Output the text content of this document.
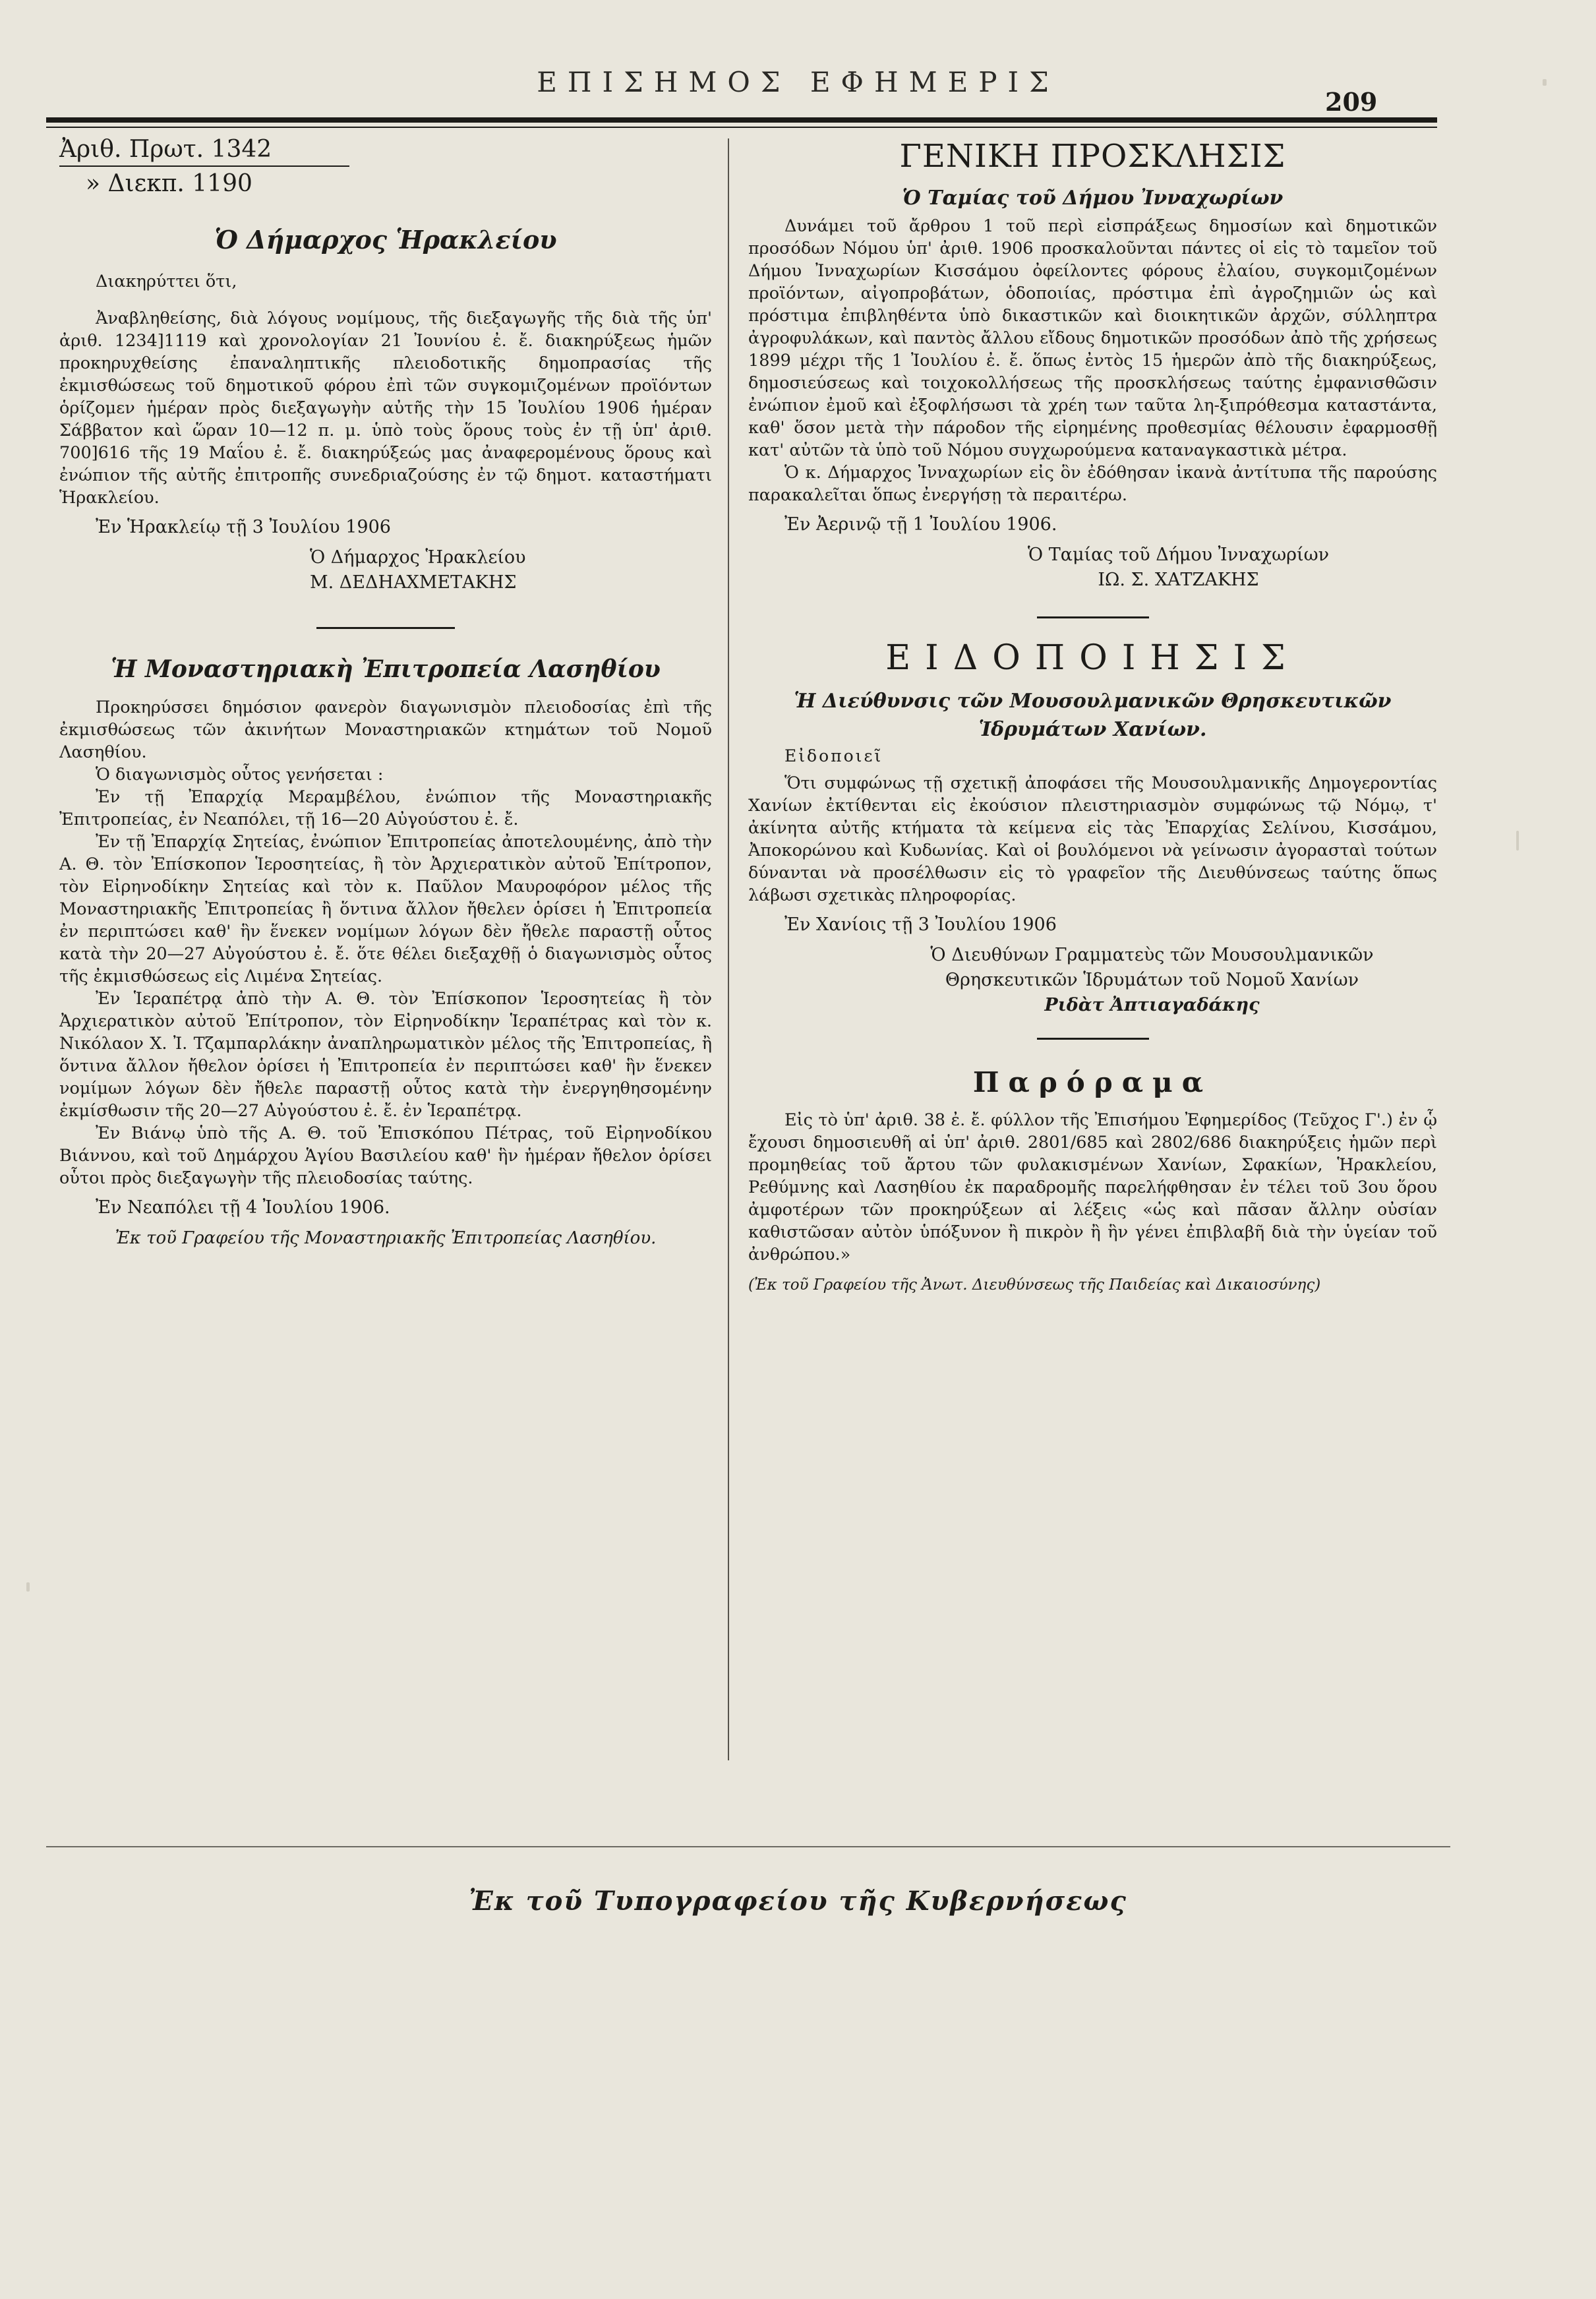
ΕΠΙΣΗΜΟΣ ΕΦΗΜΕΡΙΣ
209

Ἀριθ. Πρωτ. 1342

» Διεκπ. 1190

Ὁ Δήμαρχος Ἡρακλείου

Διακηρύττει ὅτι,

Ἀναβληθείσης, διὰ λόγους νομίμους, τῆς διεξαγωγῆς τῆς διὰ τῆς ὑπ' ἀριθ. 1234]1119 καὶ χρονολογίαν 21 Ἰουνίου ἐ. ἔ. διακηρύξεως ἡμῶν προκηρυχθείσης ἐπαναληπτικῆς πλειοδοτικῆς δημοπρασίας τῆς ἐκμισθώσεως τοῦ δημοτικοῦ φόρου ἐπὶ τῶν συγκομιζομένων προϊόντων ὁρίζομεν ἡμέραν πρὸς διεξαγωγὴν αὐτῆς τὴν 15 Ἰουλίου 1906 ἡμέραν Σάββατον καὶ ὥραν 10—12 π. μ. ὑπὸ τοὺς ὅρους τοὺς ἐν τῇ ὑπ' ἀριθ. 700]616 τῆς 19 Μαΐου ἐ. ἔ. διακηρύξεώς μας ἀναφερομένους ὅρους καὶ ἐνώπιον τῆς αὐτῆς ἐπιτροπῆς συνεδριαζούσης ἐν τῷ δημοτ. καταστήματι Ἡρακλείου.

Ἐν Ἡρακλείῳ τῇ 3 Ἰουλίου 1906

Ὁ Δήμαρχος Ἡρακλείου

Μ. ΔΕΔΗΑΧΜΕΤΑΚΗΣ

Ἡ Μοναστηριακὴ Ἐπιτροπεία Λασηθίου

Προκηρύσσει δημόσιον φανερὸν διαγωνισμὸν πλειοδοσίας ἐπὶ τῆς ἐκμισθώσεως τῶν ἀκινήτων Μοναστηριακῶν κτημάτων τοῦ Νομοῦ Λασηθίου.

Ὁ διαγωνισμὸς οὗτος γενήσεται :

Ἐν τῇ Ἐπαρχίᾳ Μεραμβέλου, ἐνώπιον τῆς Μοναστηριακῆς Ἐπιτροπείας, ἐν Νεαπόλει, τῇ 16—20 Αὐγούστου ἐ. ἔ.

Ἐν τῇ Ἐπαρχίᾳ Σητείας, ἐνώπιον Ἐπιτροπείας ἀποτελουμένης, ἀπὸ τὴν Α. Θ. τὸν Ἐπίσκοπον Ἱεροσητείας, ἢ τὸν Ἀρχιερατικὸν αὐτοῦ Ἐπίτροπον, τὸν Εἰρηνοδίκην Σητείας καὶ τὸν κ. Παῦλον Μαυροφόρον μέλος τῆς Μοναστηριακῆς Ἐπιτροπείας ἢ ὅντινα ἄλλον ἤθελεν ὁρίσει ἡ Ἐπιτροπεία ἐν περιπτώσει καθ' ἣν ἕνεκεν νομίμων λόγων δὲν ἤθελε παραστῇ οὗτος κατὰ τὴν 20—27 Αὐγούστου ἐ. ἔ. ὅτε θέλει διεξαχθῇ ὁ διαγωνισμὸς οὗτος τῆς ἐκμισθώσεως εἰς Λιμένα Σητείας.

Ἐν Ἱεραπέτρᾳ ἀπὸ τὴν Α. Θ. τὸν Ἐπίσκοπον Ἱεροσητείας ἢ τὸν Ἀρχιερατικὸν αὐτοῦ Ἐπίτροπον, τὸν Εἰρηνοδίκην Ἱεραπέτρας καὶ τὸν κ. Νικόλαον Χ. Ἰ. Τζαμπαρλάκην ἀναπληρωματικὸν μέλος τῆς Ἐπιτροπείας, ἢ ὅντινα ἄλλον ἤθελον ὁρίσει ἡ Ἐπιτροπεία ἐν περιπτώσει καθ' ἣν ἕνεκεν νομίμων λόγων δὲν ἤθελε παραστῇ οὗτος κατὰ τὴν ἐνεργηθησομένην ἐκμίσθωσιν τῆς 20—27 Αὐγούστου ἐ. ἔ. ἐν Ἱεραπέτρᾳ.

Ἐν Βιάνῳ ὑπὸ τῆς Α. Θ. τοῦ Ἐπισκόπου Πέτρας, τοῦ Εἰρηνοδίκου Βιάννου, καὶ τοῦ Δημάρχου Ἁγίου Βασιλείου καθ' ἣν ἡμέραν ἤθελον ὁρίσει οὗτοι πρὸς διεξαγωγὴν τῆς πλειοδοσίας ταύτης.

Ἐν Νεαπόλει τῇ 4 Ἰουλίου 1906.

Ἐκ τοῦ Γραφείου τῆς Μοναστηριακῆς Ἐπιτροπείας Λασηθίου.

ΓΕΝΙΚΗ ΠΡΟΣΚΛΗΣΙΣ
Ὁ Ταμίας τοῦ Δήμου Ἰνναχωρίων

Δυνάμει τοῦ ἄρθρου 1 τοῦ περὶ εἰσπράξεως δημοσίων καὶ δημοτικῶν προσόδων Νόμου ὑπ' ἀριθ. 1906 προσκαλοῦνται πάντες οἱ εἰς τὸ ταμεῖον τοῦ Δήμου Ἰνναχωρίων Κισσάμου ὀφείλοντες φόρους ἐλαίου, συγκομιζομένων προϊόντων, αἰγοπροβάτων, ὁδοποιίας, πρόστιμα ἐπὶ ἀγροζημιῶν ὡς καὶ πρόστιμα ἐπιβληθέντα ὑπὸ δικαστικῶν καὶ διοικητικῶν ἀρχῶν, σύλληπτρα ἀγροφυλάκων, καὶ παντὸς ἄλλου εἴδους δημοτικῶν προσόδων ἀπὸ τῆς χρήσεως 1899 μέχρι τῆς 1 Ἰουλίου ἐ. ἔ. ὅπως ἐντὸς 15 ἡμερῶν ἀπὸ τῆς διακηρύξεως, δημοσιεύσεως καὶ τοιχοκολλήσεως τῆς προσκλήσεως ταύτης ἐμφανισθῶσιν ἐνώπιον ἐμοῦ καὶ ἐξοφλήσωσι τὰ χρέη των ταῦτα λη-ξιπρόθεσμα καταστάντα, καθ' ὅσον μετὰ τὴν πάροδον τῆς εἰρημένης προθεσμίας θέλουσιν ἐφαρμοσθῇ κατ' αὐτῶν τὰ ὑπὸ τοῦ Νόμου συγχωρούμενα καταναγκαστικὰ μέτρα.

Ὁ κ. Δήμαρχος Ἰνναχωρίων εἰς ὃν ἐδόθησαν ἱκανὰ ἀντίτυπα τῆς παρούσης παρακαλεῖται ὅπως ἐνεργήσῃ τὰ περαιτέρω.

Ἐν Ἀερινῷ τῇ 1 Ἰουλίου 1906.

Ὁ Ταμίας τοῦ Δήμου Ἰνναχωρίων

ΙΩ. Σ. ΧΑΤΖΑΚΗΣ

ΕΙΔΟΠΟΙΗΣΙΣ
Ἡ Διεύθυνσις τῶν Μουσουλμανικῶν Θρησκευτικῶν
Ἱδρυμάτων Χανίων.

Εἰδοποιεῖ

Ὅτι συμφώνως τῇ σχετικῇ ἀποφάσει τῆς Μουσουλμανικῆς Δημογεροντίας Χανίων ἐκτίθενται εἰς ἐκούσιον πλειστηριασμὸν συμφώνως τῷ Νόμῳ, τ' ἀκίνητα αὐτῆς κτήματα τὰ κείμενα εἰς τὰς Ἐπαρχίας Σελίνου, Κισσάμου, Ἀποκορώνου καὶ Κυδωνίας. Καὶ οἱ βουλόμενοι νὰ γείνωσιν ἀγορασταὶ τούτων δύνανται νὰ προσέλθωσιν εἰς τὸ γραφεῖον τῆς Διευθύνσεως ταύτης ὅπως λάβωσι σχετικὰς πληροφορίας.

Ἐν Χανίοις τῇ 3 Ἰουλίου 1906

Ὁ Διευθύνων Γραμματεὺς τῶν Μουσουλμανικῶν

Θρησκευτικῶν Ἱδρυμάτων τοῦ Νομοῦ Χανίων

Ριδὰτ Ἀπτιαγαδάκης

Παρόραμα

Εἰς τὸ ὑπ' ἀριθ. 38 ἐ. ἔ. φύλλον τῆς Ἐπισήμου Ἐφημερίδος (Τεῦχος Γ'.) ἐν ᾧ ἔχουσι δημοσιευθῆ αἱ ὑπ' ἀριθ. 2801/685 καὶ 2802/686 διακηρύξεις ἡμῶν περὶ προμηθείας τοῦ ἄρτου τῶν φυλακισμένων Χανίων, Σφακίων, Ἡρακλείου, Ρεθύμνης καὶ Λασηθίου ἐκ παραδρομῆς παρελήφθησαν ἐν τέλει τοῦ 3ου ὅρου ἀμφοτέρων τῶν προκηρύξεων αἱ λέξεις «ὡς καὶ πᾶσαν ἄλλην οὐσίαν καθιστῶσαν αὐτὸν ὑπόξυνον ἢ πικρὸν ἢ ἣν γένει ἐπιβλαβῆ διὰ τὴν ὑγείαν τοῦ ἀνθρώπου.»

(Ἐκ τοῦ Γραφείου τῆς Ἀνωτ. Διευθύνσεως τῆς Παιδείας καὶ Δικαιοσύνης)

Ἐκ τοῦ Τυπογραφείου τῆς Κυβερνήσεως
